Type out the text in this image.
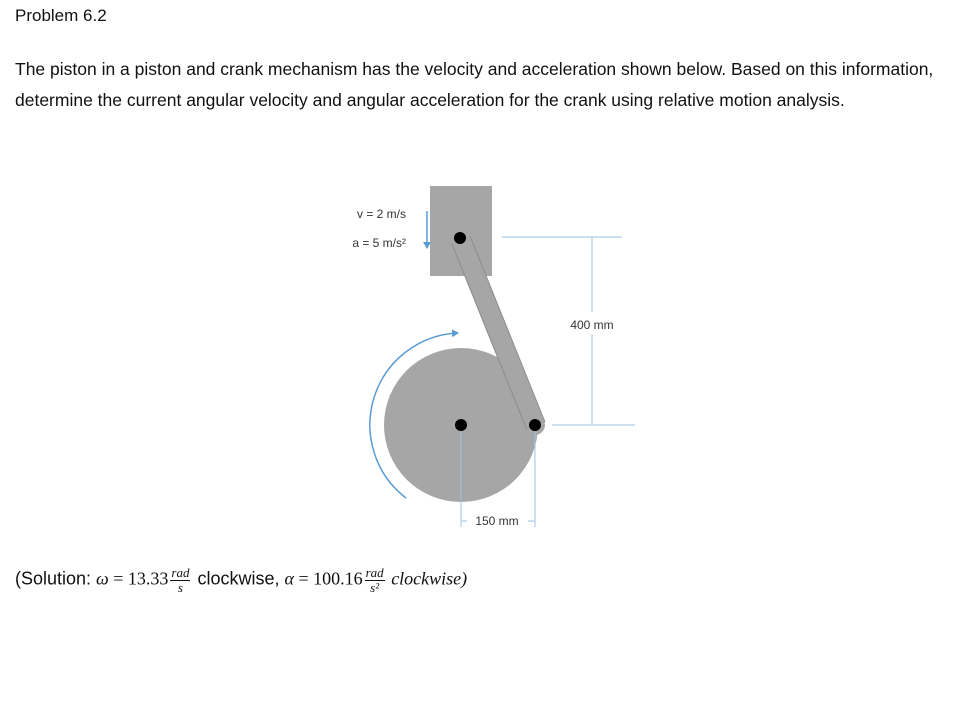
Problem 6.2
The piston in a piston and crank mechanism has the velocity and acceleration shown below. Based on this information, determine the current angular velocity and angular acceleration for the crank using relative motion analysis.
v = 2 m/s
a = 5 m/s²
400 mm
150 mm
(Solution: $\omega = 13.33 \frac{\text{rad}}{s}$ clockwise, $\alpha = 100.16 \frac{\text{rad}}{\text{s²}}$ clockwise)
